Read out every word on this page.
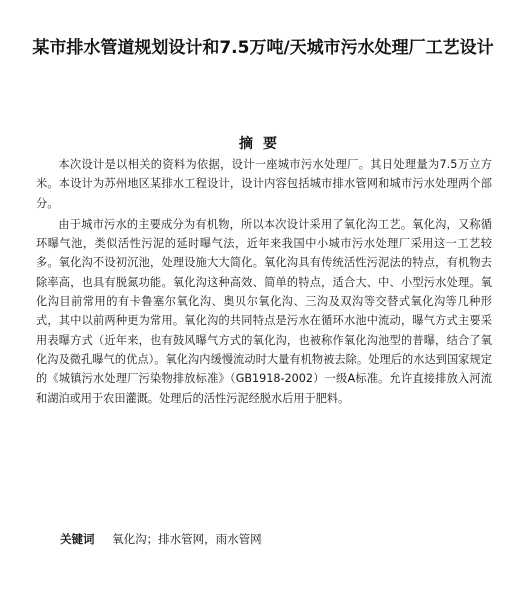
某市排水管道规划设计和7.5万吨/天城市污水处理厂工艺设计
摘要

本次设计是以相关的资料为依据，设计一座城市污水处理厂。其日处理量为7.5万立方米。本设计为苏州地区某排水工程设计，设计内容包括城市排水管网和城市污水处理两个部分。

由于城市污水的主要成分为有机物，所以本次设计采用了氧化沟工艺。氧化沟，又称循环曝气池，类似活性污泥的延时曝气法，近年来我国中小城市污水处理厂采用这一工艺较多。氧化沟不设初沉池，处理设施大大简化。氧化沟具有传统活性污泥法的特点，有机物去除率高，也具有脱氮功能。氧化沟这种高效、简单的特点，适合大、中、小型污水处理。氧化沟目前常用的有卡鲁塞尔氧化沟、奥贝尔氧化沟、三沟及双沟等交替式氧化沟等几种形式，其中以前两种更为常用。氧化沟的共同特点是污水在循环水池中流动，曝气方式主要采用表曝方式（近年来，也有鼓风曝气方式的氧化沟，也被称作氧化沟池型的普曝，结合了氧化沟及微孔曝气的优点）。氧化沟内缓慢流动时大量有机物被去除。处理后的水达到国家规定的《城镇污水处理厂污染物排放标准》（GB1918-2002）一级A标准。允许直接排放入河流和湖泊或用于农田灌溉。处理后的活性污泥经脱水后用于肥料。

关键词 氧化沟；排水管网，雨水管网
